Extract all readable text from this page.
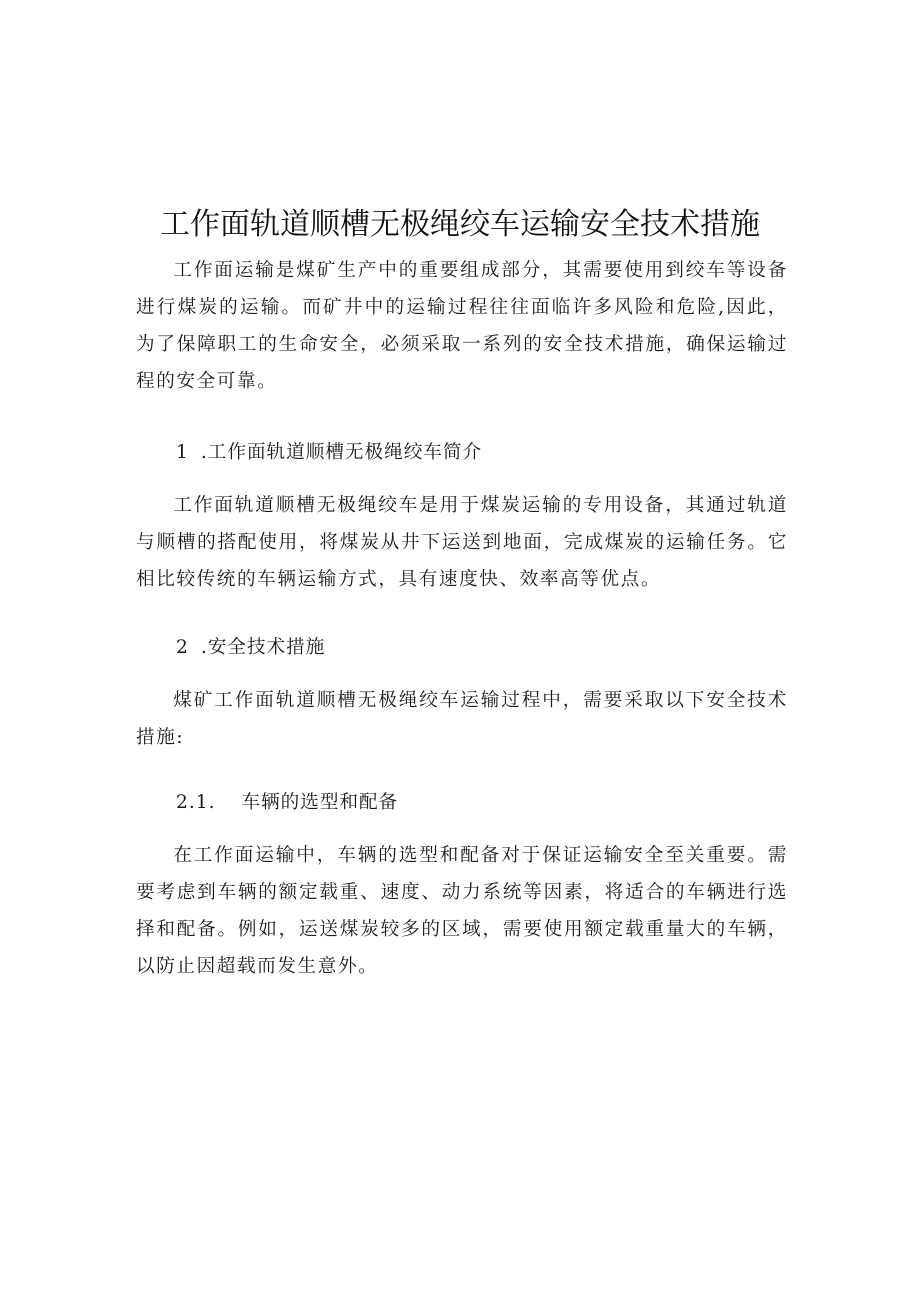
工作面轨道顺槽无极绳绞车运输安全技术措施

工作面运输是煤矿生产中的重要组成部分，其需要使用到绞车等设备进行煤炭的运输。而矿井中的运输过程往往面临许多风险和危险,因此，为了保障职工的生命安全，必须采取一系列的安全技术措施，确保运输过程的安全可靠。

1 .工作面轨道顺槽无极绳绞车简介

工作面轨道顺槽无极绳绞车是用于煤炭运输的专用设备，其通过轨道与顺槽的搭配使用，将煤炭从井下运送到地面，完成煤炭的运输任务。它相比较传统的车辆运输方式，具有速度快、效率高等优点。

2 .安全技术措施

煤矿工作面轨道顺槽无极绳绞车运输过程中，需要采取以下安全技术措施:

2.1. 车辆的选型和配备

在工作面运输中，车辆的选型和配备对于保证运输安全至关重要。需要考虑到车辆的额定载重、速度、动力系统等因素，将适合的车辆进行选择和配备。例如，运送煤炭较多的区域，需要使用额定载重量大的车辆，以防止因超载而发生意外。
